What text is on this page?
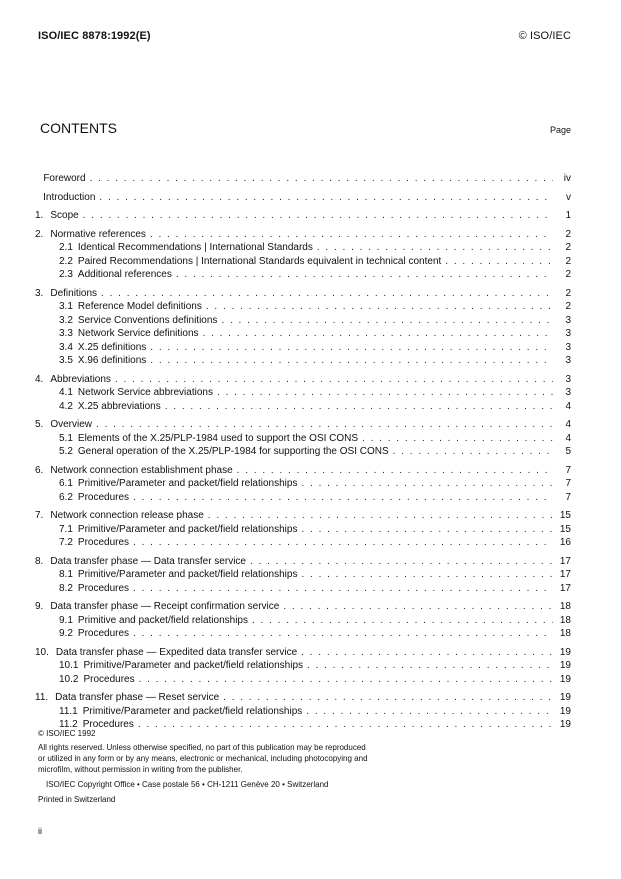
ISO/IEC 8878:1992(E)	© ISO/IEC
CONTENTS	Page
Foreword . . .	iv
Introduction . . .	v
1. Scope . . .	1
2. Normative references . . .	2
2.1 Identical Recommendations | International Standards . . .	2
2.2 Paired Recommendations | International Standards equivalent in technical content . . .	2
2.3 Additional references . . .	2
3. Definitions . . .	2
3.1 Reference Model definitions . . .	2
3.2 Service Conventions definitions . . .	3
3.3 Network Service definitions . . .	3
3.4 X.25 definitions . . .	3
3.5 X.96 definitions . . .	3
4. Abbreviations . . .	3
4.1 Network Service abbreviations . . .	3
4.2 X.25 abbreviations . . .	4
5. Overview . . .	4
5.1 Elements of the X.25/PLP-1984 used to support the OSI CONS . . .	4
5.2 General operation of the X.25/PLP-1984 for supporting the OSI CONS . . .	5
6. Network connection establishment phase . . .	7
6.1 Primitive/Parameter and packet/field relationships . . .	7
6.2 Procedures . . .	7
7. Network connection release phase . . .	15
7.1 Primitive/Parameter and packet/field relationships . . .	15
7.2 Procedures . . .	16
8. Data transfer phase — Data transfer service . . .	17
8.1 Primitive/Parameter and packet/field relationships . . .	17
8.2 Procedures . . .	17
9. Data transfer phase — Receipt confirmation service . . .	18
9.1 Primitive and packet/field relationships . . .	18
9.2 Procedures . . .	18
10. Data transfer phase — Expedited data transfer service . . .	19
10.1 Primitive/Parameter and packet/field relationships . . .	19
10.2 Procedures . . .	19
11. Data transfer phase — Reset service . . .	19
11.1 Primitive/Parameter and packet/field relationships . . .	19
11.2 Procedures . . .	19
© ISO/IEC 1992
All rights reserved. Unless otherwise specified, no part of this publication may be reproduced
or utilized in any form or by any means, electronic or mechanical, including photocopying and
microfilm, without permission in writing from the publisher.
ISO/IEC Copyright Office • Case postale 56 • CH-1211 Genève 20 • Switzerland
Printed in Switzerland
ii
